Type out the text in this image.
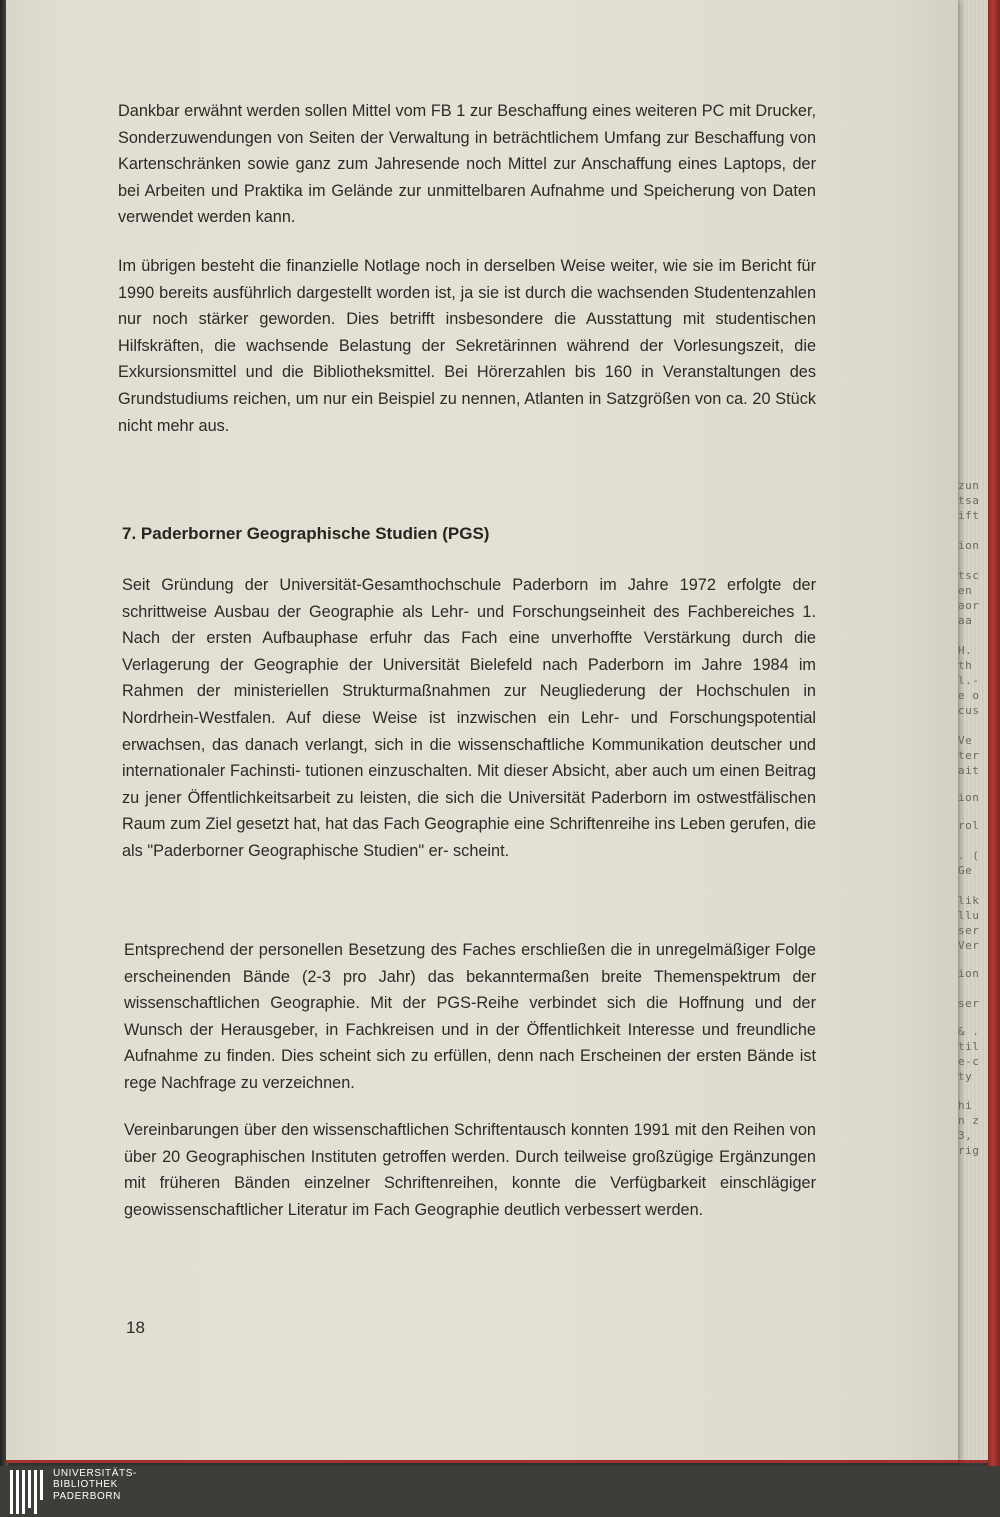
Dankbar erwähnt werden sollen Mittel vom FB 1 zur Beschaffung eines weiteren PC mit Drucker, Sonderzuwendungen von Seiten der Verwaltung in beträchtlichem Umfang zur Beschaffung von Kartenschränken sowie ganz zum Jahresende noch Mittel zur Anschaffung eines Laptops, der bei Arbeiten und Praktika im Gelände zur unmittelbaren Aufnahme und Speicherung von Daten verwendet werden kann.

Im übrigen besteht die finanzielle Notlage noch in derselben Weise weiter, wie sie im Bericht für 1990 bereits ausführlich dargestellt worden ist, ja sie ist durch die wachsenden Studentenzahlen nur noch stärker geworden. Dies betrifft insbesondere die Ausstattung mit studentischen Hilfskräften, die wachsende Belastung der Sekretärinnen während der Vorlesungszeit, die Exkursionsmittel und die Bibliotheksmittel. Bei Hörerzahlen bis 160 in Veranstaltungen des Grundstudiums reichen, um nur ein Beispiel zu nennen, Atlanten in Satzgrößen von ca. 20 Stück nicht mehr aus.

7. Paderborner Geographische Studien (PGS)

Seit Gründung der Universität-Gesamthochschule Paderborn im Jahre 1972 erfolgte der schrittweise Ausbau der Geographie als Lehr- und Forschungseinheit des Fachbereiches 1. Nach der ersten Aufbauphase erfuhr das Fach eine unverhoffte Verstärkung durch die Verlagerung der Geographie der Universität Bielefeld nach Paderborn im Jahre 1984 im Rahmen der ministeriellen Strukturmaßnahmen zur Neugliederung der Hochschulen in Nordrhein-Westfalen. Auf diese Weise ist inzwischen ein Lehr- und Forschungspotential erwachsen, das danach verlangt, sich in die wissenschaftliche Kommunikation deutscher und internationaler Fachinsti- tutionen einzuschalten. Mit dieser Absicht, aber auch um einen Beitrag zu jener Öffentlichkeitsarbeit zu leisten, die sich die Universität Paderborn im ostwestfälischen Raum zum Ziel gesetzt hat, hat das Fach Geographie eine Schriftenreihe ins Leben gerufen, die als "Paderborner Geographische Studien" er- scheint.

Entsprechend der personellen Besetzung des Faches erschließen die in unregelmäßiger Folge erscheinenden Bände (2-3 pro Jahr) das bekanntermaßen breite Themenspektrum der wissenschaftlichen Geographie. Mit der PGS-Reihe verbindet sich die Hoffnung und der Wunsch der Herausgeber, in Fachkreisen und in der Öffentlichkeit Interesse und freundliche Aufnahme zu finden. Dies scheint sich zu erfüllen, denn nach Erscheinen der ersten Bände ist rege Nachfrage zu verzeichnen.

Vereinbarungen über den wissenschaftlichen Schriftentausch konnten 1991 mit den Reihen von über 20 Geographischen Instituten getroffen werden. Durch teilweise großzügige Ergänzungen mit früheren Bänden einzelner Schriftenreihen, konnte die Verfügbarkeit einschlägiger geowissenschaftlicher Literatur im Fach Geographie deutlich verbessert werden.

18

zun
tsa
ift
ion
tsc
en
aor
aa
H.
th
l.-
e o
cus
Ve
ter
ait
ion
rol
. (
Ge
lik
llu
ser
Ver
ion
ser
& .
til
e-c
ty
hi
n z
3,
rig
UNIVERSITÄTS-
BIBLIOTHEK
PADERBORN
